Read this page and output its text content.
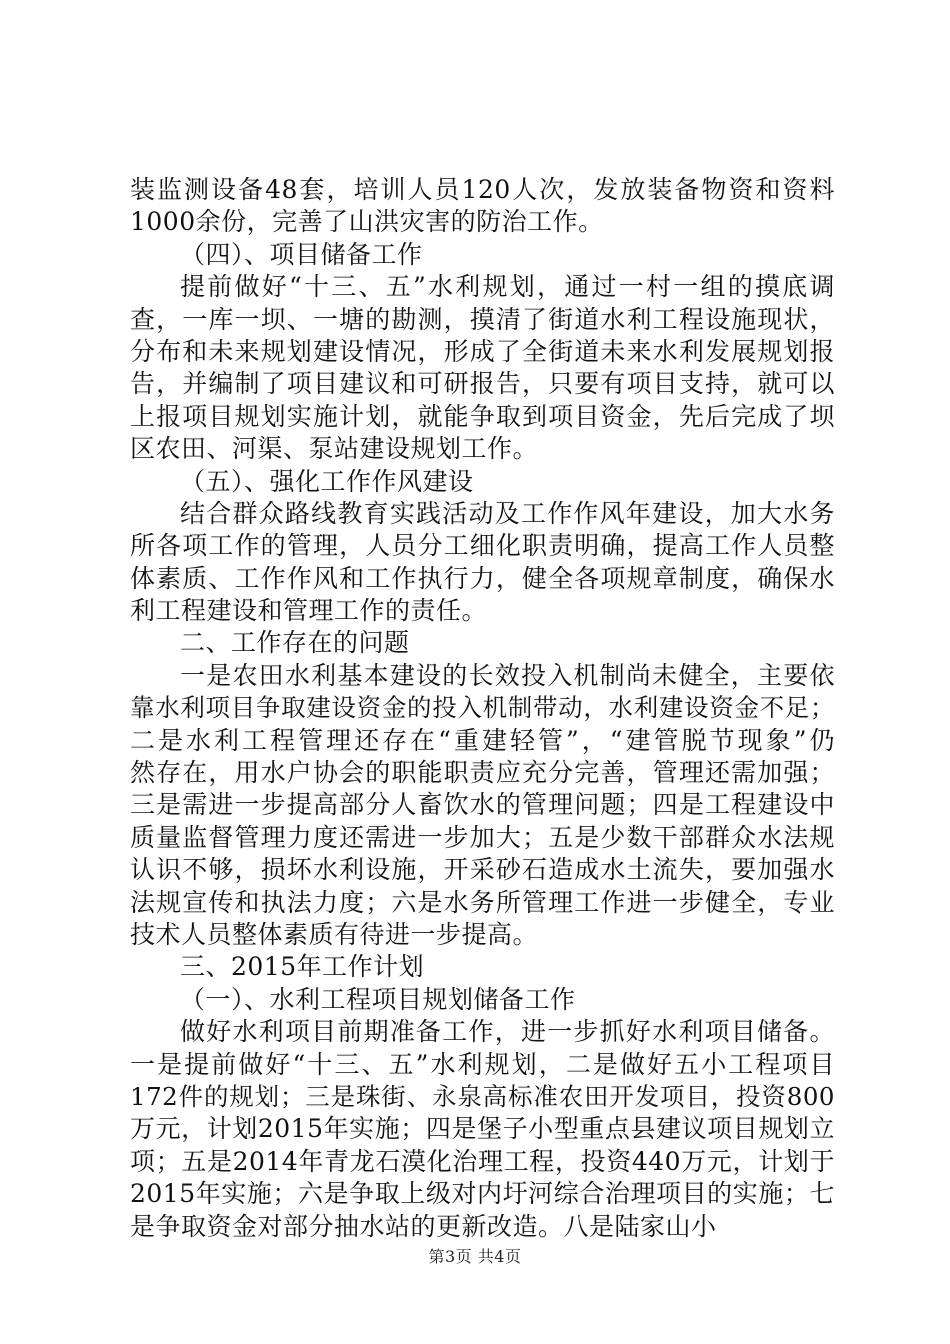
装监测设备48套，培训人员120人次，发放装备物资和资料
1000余份，完善了山洪灾害的防治工作。
（四）、项目储备工作
提前做好“十三、五”水利规划，通过一村一组的摸底调
查，一库一坝、一塘的勘测，摸清了街道水利工程设施现状，
分布和未来规划建设情况，形成了全街道未来水利发展规划报
告，并编制了项目建议和可研报告，只要有项目支持，就可以
上报项目规划实施计划，就能争取到项目资金，先后完成了坝
区农田、河渠、泵站建设规划工作。
（五）、强化工作作风建设
结合群众路线教育实践活动及工作作风年建设，加大水务
所各项工作的管理，人员分工细化职责明确，提高工作人员整
体素质、工作作风和工作执行力，健全各项规章制度，确保水
利工程建设和管理工作的责任。
二、工作存在的问题
一是农田水利基本建设的长效投入机制尚未健全，主要依
靠水利项目争取建设资金的投入机制带动，水利建设资金不足；
二是水利工程管理还存在“重建轻管”，“建管脱节现象”仍
然存在，用水户协会的职能职责应充分完善，管理还需加强；
三是需进一步提高部分人畜饮水的管理问题；四是工程建设中
质量监督管理力度还需进一步加大；五是少数干部群众水法规
认识不够，损坏水利设施，开采砂石造成水土流失，要加强水
法规宣传和执法力度；六是水务所管理工作进一步健全，专业
技术人员整体素质有待进一步提高。
三、2015年工作计划
（一）、水利工程项目规划储备工作
做好水利项目前期准备工作，进一步抓好水利项目储备。
一是提前做好“十三、五”水利规划，二是做好五小工程项目
172件的规划；三是珠街、永泉高标准农田开发项目，投资800
万元，计划2015年实施；四是堡子小型重点县建议项目规划立
项；五是2014年青龙石漠化治理工程，投资440万元，计划于
2015年实施；六是争取上级对内圩河综合治理项目的实施；七
是争取资金对部分抽水站的更新改造。八是陆家山小
第3页 共4页
